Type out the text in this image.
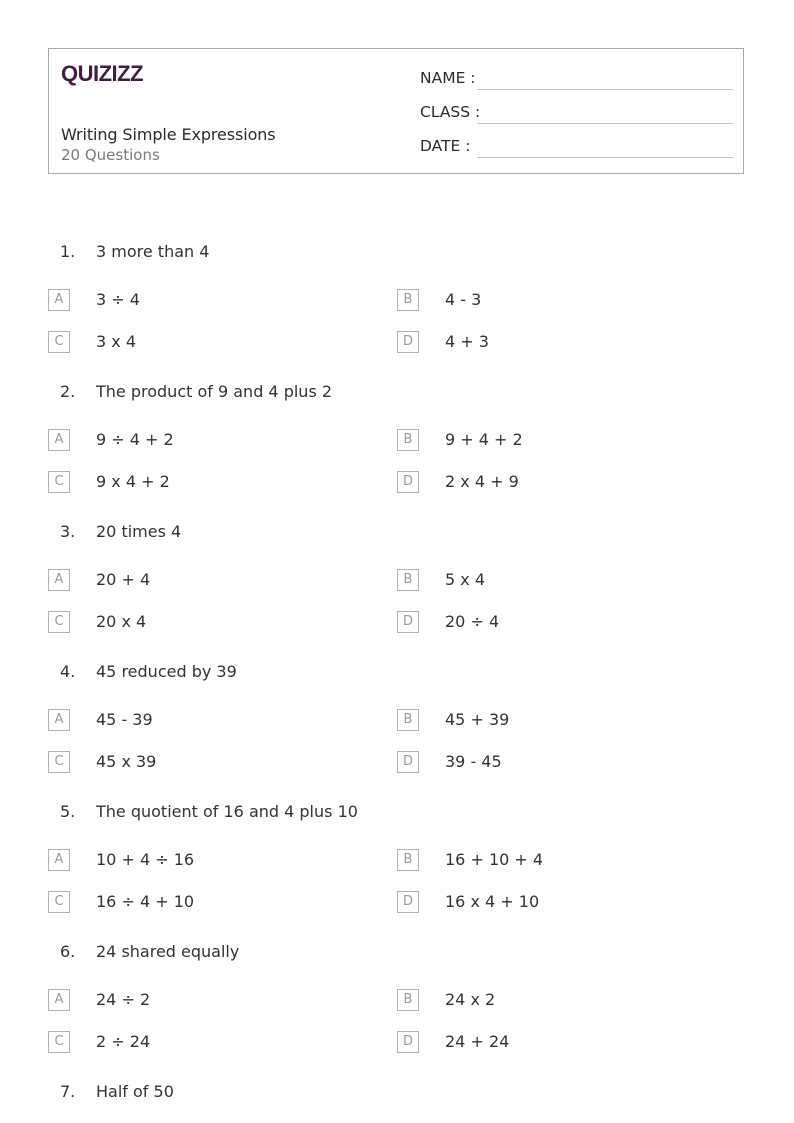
QUIZIZZ
Writing Simple Expressions
20 Questions
NAME :
CLASS :
DATE :
1.	3 more than 4
A	3 ÷ 4	B	4 - 3
C	3 x 4	D	4 + 3
2.	The product of 9 and 4 plus 2
A	9 ÷ 4 + 2	B	9 + 4 + 2
C	9 x 4 + 2	D	2 x 4 + 9
3.	20 times 4
A	20 + 4	B	5 x 4
C	20 x 4	D	20 ÷ 4
4.	45 reduced by 39
A	45 - 39	B	45 + 39
C	45 x 39	D	39 - 45
5.	The quotient of 16 and 4 plus 10
A	10 + 4 ÷ 16	B	16 + 10 + 4
C	16 ÷ 4 + 10	D	16 x 4 + 10
6.	24 shared equally
A	24 ÷ 2	B	24 x 2
C	2 ÷ 24	D	24 + 24
7.	Half of 50
